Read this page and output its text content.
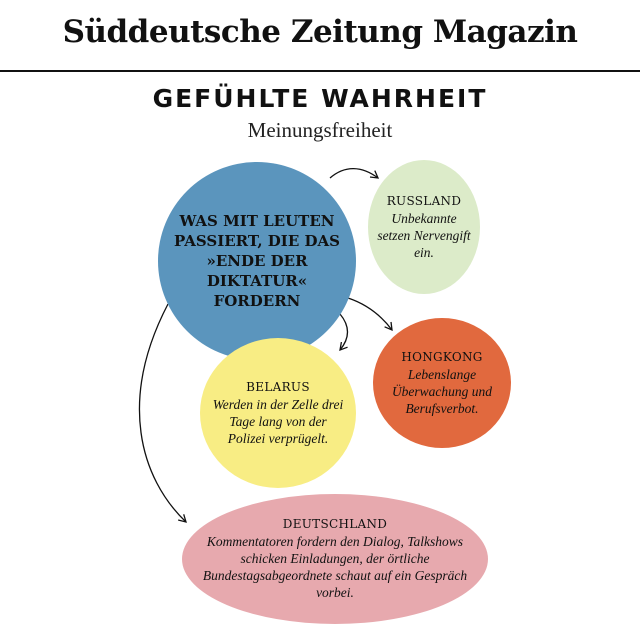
Süddeutsche Zeitung Magazin
GEFÜHLTE WAHRHEIT
Meinungsfreiheit
WAS MIT LEUTEN PASSIERT, DIE DAS »ENDE DER DIKTATUR« FORDERN
RUSSLAND
Unbekannte setzen Nervengift ein.
HONGKONG
Lebenslange Überwachung und Berufsverbot.
BELARUS
Werden in der Zelle drei Tage lang von der Polizei verprügelt.
DEUTSCHLAND
Kommentatoren fordern den Dialog, Talkshows schicken Einladungen, der örtliche Bundestagsabgeordnete schaut auf ein Gespräch vorbei.
